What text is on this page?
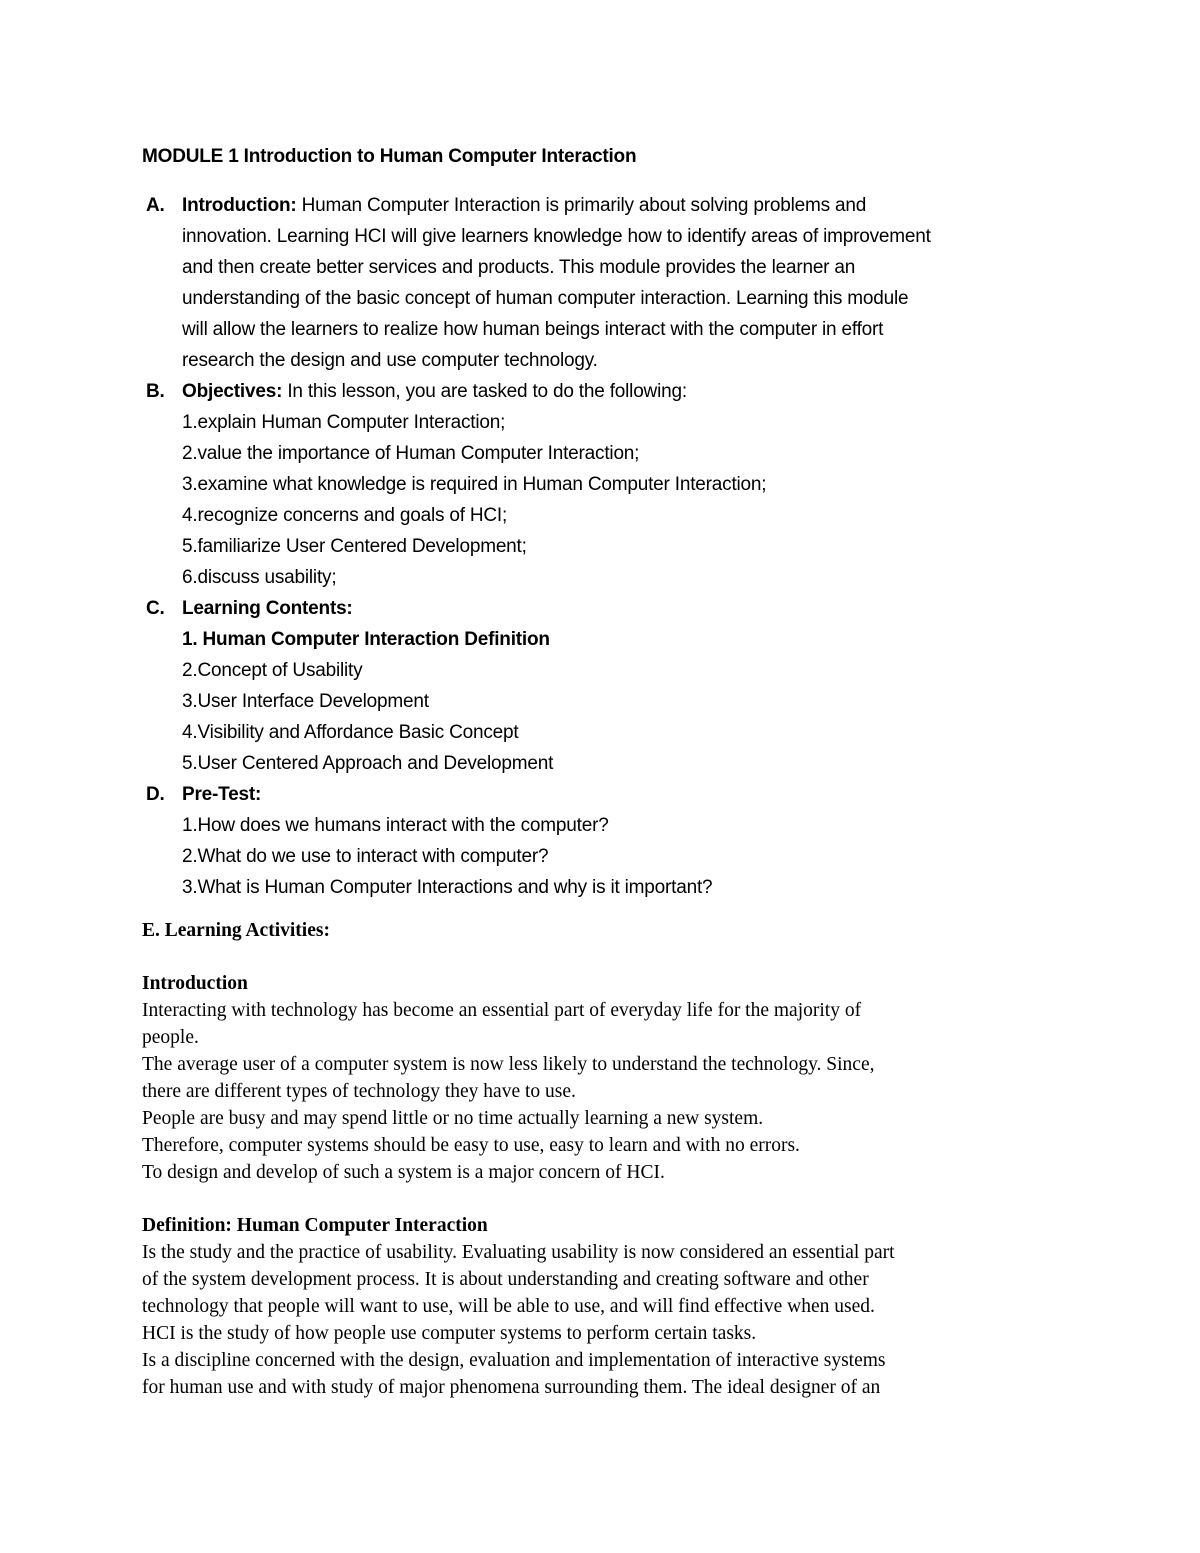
MODULE 1 Introduction to Human Computer Interaction
A. Introduction: Human Computer Interaction is primarily about solving problems and
innovation. Learning HCI will give learners knowledge how to identify areas of improvement
and then create better services and products. This module provides the learner an
understanding of the basic concept of human computer interaction. Learning this module
will allow the learners to realize how human beings interact with the computer in effort
research the design and use computer technology.
B. Objectives: In this lesson, you are tasked to do the following:
1.explain Human Computer Interaction;
2.value the importance of Human Computer Interaction;
3.examine what knowledge is required in Human Computer Interaction;
4.recognize concerns and goals of HCI;
5.familiarize User Centered Development;
6.discuss usability;
C. Learning Contents:
1. Human Computer Interaction Definition
2.Concept of Usability
3.User Interface Development
4.Visibility and Affordance Basic Concept
5.User Centered Approach and Development
D. Pre-Test:
1.How does we humans interact with the computer?
2.What do we use to interact with computer?
3.What is Human Computer Interactions and why is it important?

E. Learning Activities:

Introduction

Interacting with technology has become an essential part of everyday life for the majority of

people.

The average user of a computer system is now less likely to understand the technology. Since,

there are different types of technology they have to use.

People are busy and may spend little or no time actually learning a new system.

Therefore, computer systems should be easy to use, easy to learn and with no errors.

To design and develop of such a system is a major concern of HCI.

Definition: Human Computer Interaction

Is the study and the practice of usability. Evaluating usability is now considered an essential part

of the system development process. It is about understanding and creating software and other

technology that people will want to use, will be able to use, and will find effective when used.

HCI is the study of how people use computer systems to perform certain tasks.

Is a discipline concerned with the design, evaluation and implementation of interactive systems

for human use and with study of major phenomena surrounding them. The ideal designer of an
